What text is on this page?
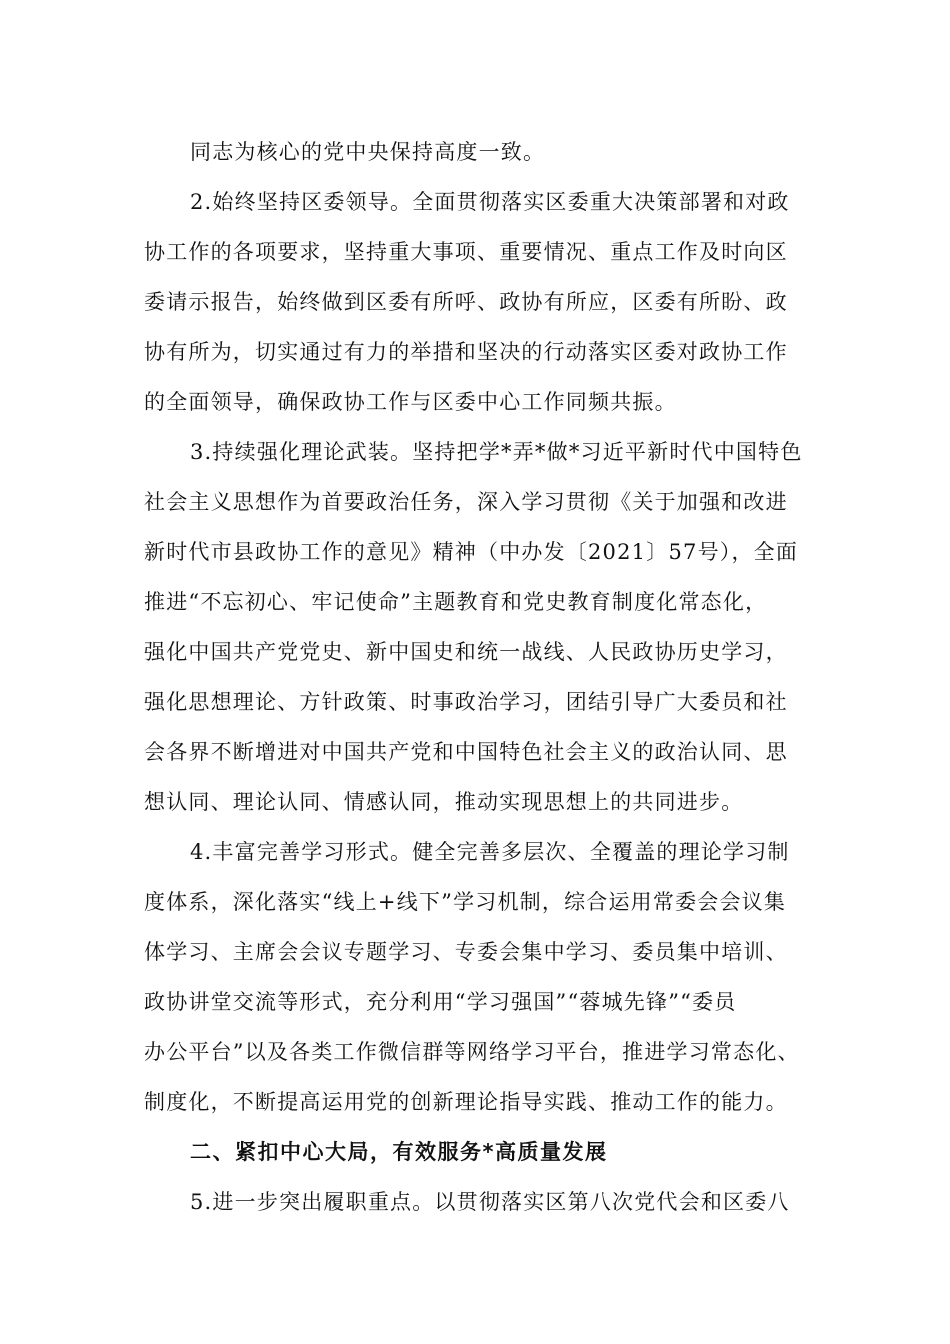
同志为核心的党中央保持高度一致。
2.始终坚持区委领导。全面贯彻落实区委重大决策部署和对政
协工作的各项要求，坚持重大事项、重要情况、重点工作及时向区
委请示报告，始终做到区委有所呼、政协有所应，区委有所盼、政
协有所为，切实通过有力的举措和坚决的行动落实区委对政协工作
的全面领导，确保政协工作与区委中心工作同频共振。
3.持续强化理论武装。坚持把学*弄*做*习近平新时代中国特色
社会主义思想作为首要政治任务，深入学习贯彻《关于加强和改进
新时代市县政协工作的意见》精神（中办发〔2021〕57号），全面
推进“不忘初心、牢记使命”主题教育和党史教育制度化常态化，
强化中国共产党党史、新中国史和统一战线、人民政协历史学习，
强化思想理论、方针政策、时事政治学习，团结引导广大委员和社
会各界不断增进对中国共产党和中国特色社会主义的政治认同、思
想认同、理论认同、情感认同，推动实现思想上的共同进步。
4.丰富完善学习形式。健全完善多层次、全覆盖的理论学习制
度体系，深化落实“线上+线下”学习机制，综合运用常委会会议集
体学习、主席会会议专题学习、专委会集中学习、委员集中培训、
政协讲堂交流等形式，充分利用“学习强国”“蓉城先锋”“委员
办公平台”以及各类工作微信群等网络学习平台，推进学习常态化、
制度化，不断提高运用党的创新理论指导实践、推动工作的能力。
二、紧扣中心大局，有效服务*高质量发展
5.进一步突出履职重点。以贯彻落实区第八次党代会和区委八
